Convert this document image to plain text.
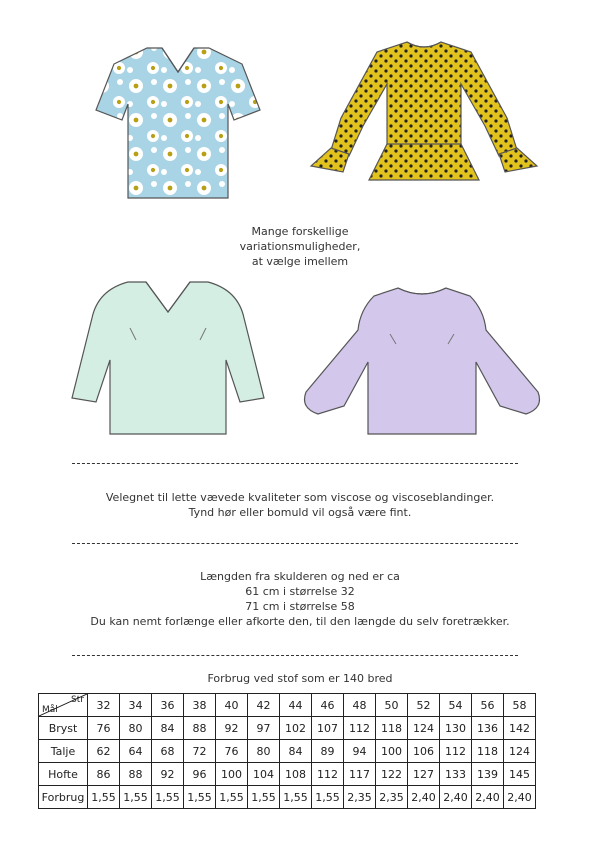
Mange forskellige
variationsmuligheder,
at vælge imellem
Velegnet til lette vævede kvaliteter som viscose og viscoseblandinger.
Tynd hør eller bomuld vil også være fint.
Længden fra skulderen og ned er ca
61 cm i størrelse 32
71 cm i størrelse 58
Du kan nemt forlænge eller afkorte den, til den længde du selv foretrækker.
Forbrug ved stof som er 140 bred
Str
Mål	32	34	36	38	40	42	44	46	48	50	52	54	56	58
Bryst	76	80	84	88	92	97	102	107	112	118	124	130	136	142
Talje	62	64	68	72	76	80	84	89	94	100	106	112	118	124
Hofte	86	88	92	96	100	104	108	112	117	122	127	133	139	145
Forbrug	1,55	1,55	1,55	1,55	1,55	1,55	1,55	1,55	2,35	2,35	2,40	2,40	2,40	2,40
